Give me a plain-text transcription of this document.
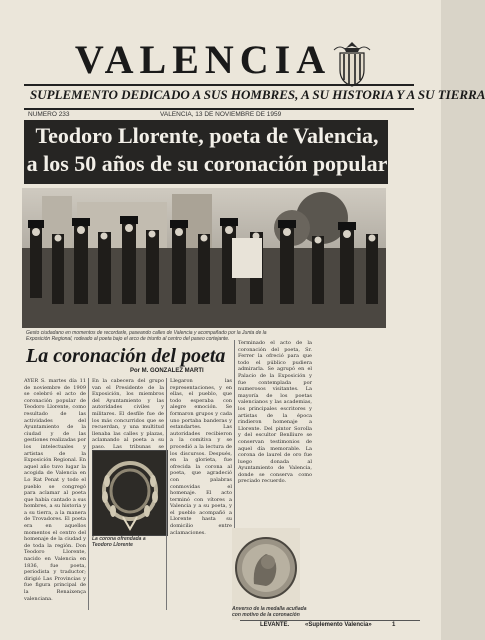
VALENCIA
SUPLEMENTO DEDICADO A SUS HOMBRES, A SU HISTORIA Y A SU TIERRA
NUMERO 233	VALENCIA, 13 DE NOVIEMBRE DE 1959
Teodoro Llorente, poeta de Valencia,
a los 50 años de su coronación popular
Gesto ciudadano en momentos de recordarle, paseando calles de Valencia y acompañado por la Junta de la Exposición Regional, rodeado al poeta bajo el arco de triunfo al centro del paseo cortejante.
La coronación del poeta
Por M. GONZALEZ MARTI
AYER S. martes día 11 de noviembre de 1909 se celebró el acto de coronación popular de Teodoro Llorente, como resultado de las actividades del Ayuntamiento de la ciudad y de las gestiones realizadas por los intelectuales y artistas de la Exposición Regional. En aquel año tuvo lugar la acogida de Valencia en Lo Rat Penat y todo el pueblo se congregó para aclamar al poeta que había cantado a sus hombres, a su historia y a su tierra, a la manera de Trovadores. El poeta era en aquellos momentos el centro del homenaje de la ciudad y de toda la región. Don Teodoro Llorente, nacido en Valencia en 1836, fue poeta, periodista y traductor; dirigió Las Provincias y fue figura principal de la Renaixença valenciana.
En la cabecera del grupo van el Presidente de la Exposición, los miembros del Ayuntamiento y las autoridades civiles y militares. El desfile fue de los más concurridos que se recuerdan, y una multitud llenaba las calles y plazas, aclamando al poeta a su paso. Las tribunas se
La corona ofrendada a Teodoro Llorente
Llegaron las representaciones, y en ellas, el pueblo, que todo esperaba con alegre emoción. Se formaron grupos y cada uno portaba banderas y estandartes. Las autoridades recibieron a la comitiva y se procedió a la lectura de los discursos. Después, en la glorieta, fue ofrecida la corona al poeta, que agradeció con palabras conmovidas el homenaje. El acto terminó con vítores a Valencia y a su poeta, y el pueblo acompañó a Llorente hasta su domicilio entre aclamaciones.
Terminado el acto de la coronación del poeta, Sr. Ferrer la ofreció para que todo el público pudiera admirarla. Se agrupó en el Palacio de la Exposición y fue contemplada por numerosos visitantes. La mayoría de los poetas valencianos y las academias, los principales escritores y artistas de la época rindieron homenaje a Llorente. Del pintor Sorolla y del escultor Benlliure se conservan testimonios de aquel día memorable. La corona de laurel de oro fue luego donada al Ayuntamiento de Valencia, donde se conserva como preciado recuerdo.
Anverso de la medalla acuñada con motivo de la coronación
LEVANTE.	«Suplemento Valencia»	1
